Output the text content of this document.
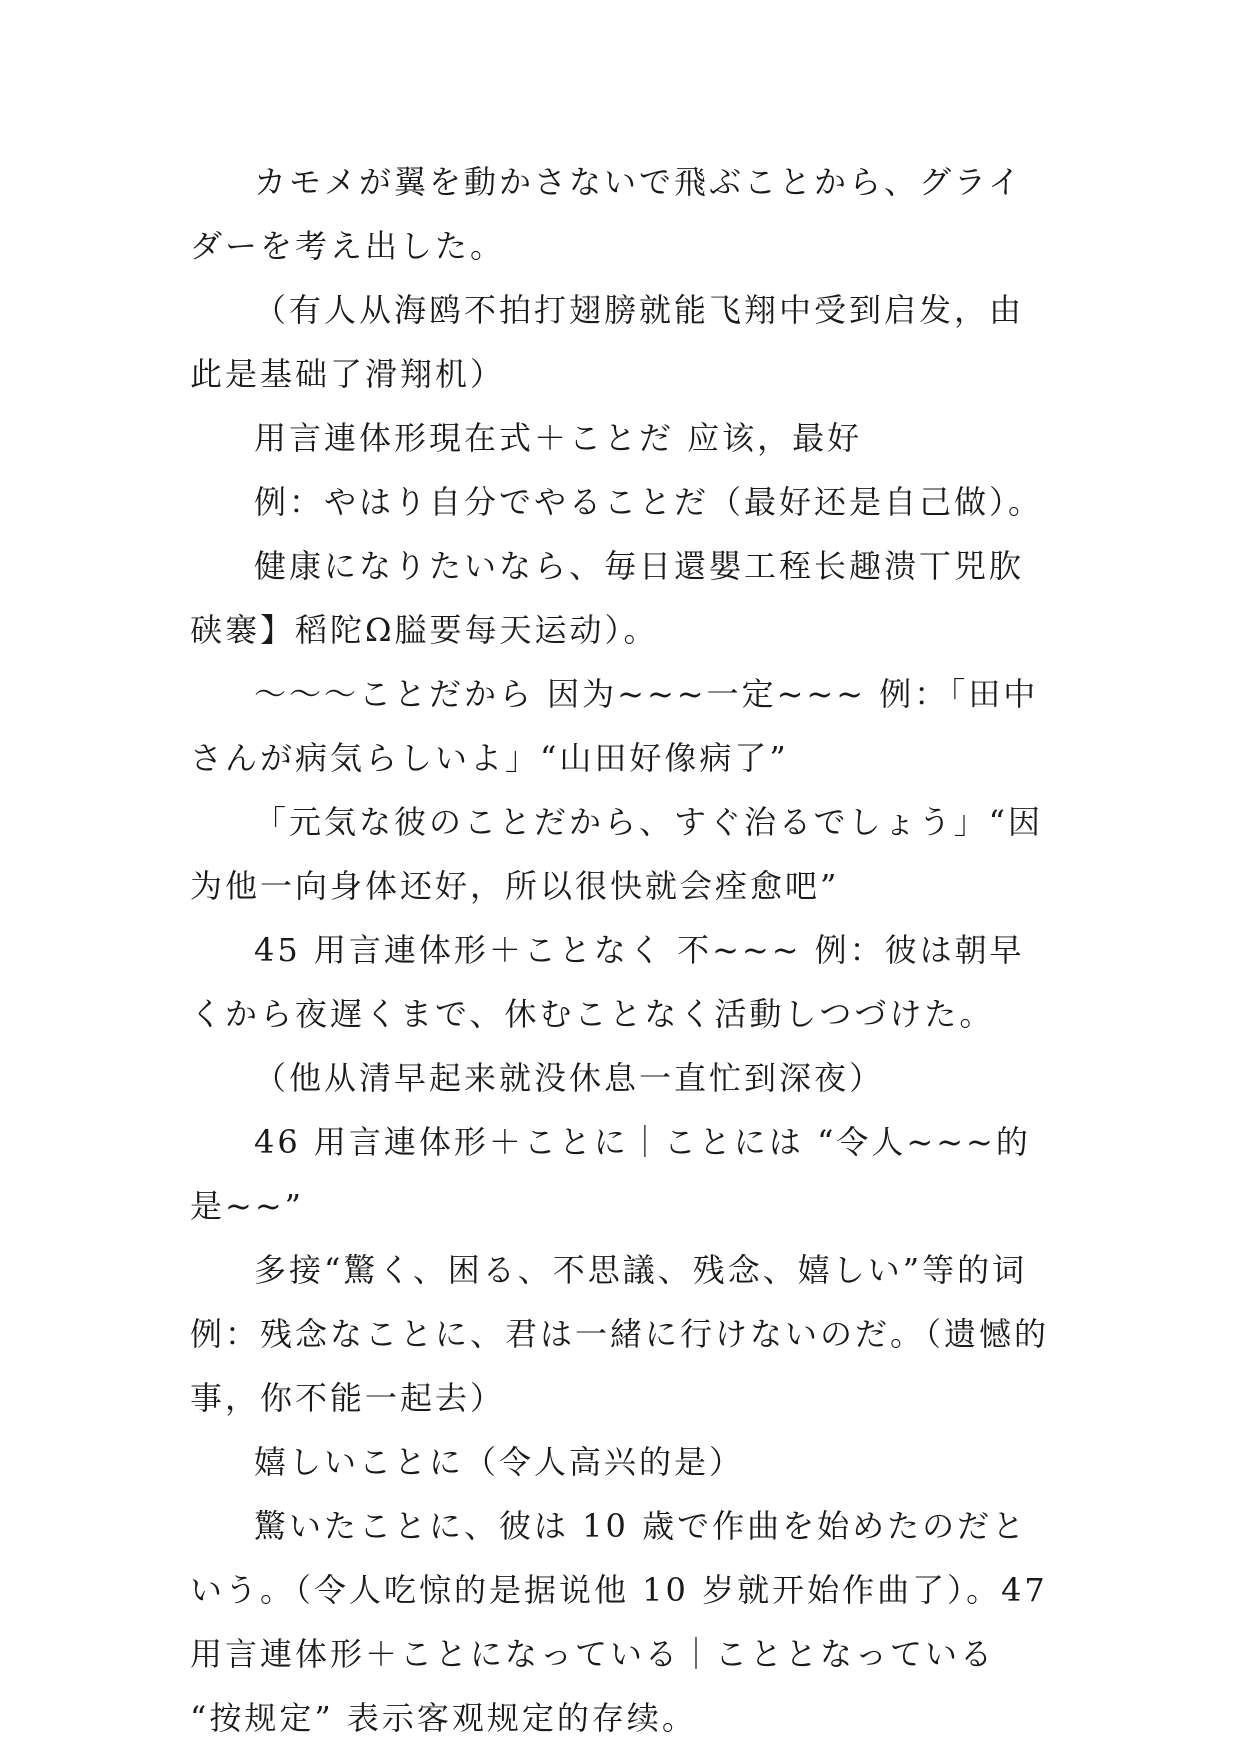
カモメが翼を動かさないで飛ぶことから、グライダーを考え出した。

（有人从海鸥不拍打翅膀就能飞翔中受到启发，由此是基础了滑翔机）

用言連体形現在式＋ことだ 应该，最好

例：やはり自分でやることだ（最好还是自己做）。

健康になりたいなら、毎日還嬰工秷长趣溃丅兕肷硖褰】稻陀Ω膉要每天运动）。

～～～ことだから 因为~~~一定~~~ 例：「田中さんが病気らしいよ」“山田好像病了”

「元気な彼のことだから、すぐ治るでしょう」“因为他一向身体还好，所以很快就会痊愈吧”

45 用言連体形＋ことなく 不~~~ 例：彼は朝早くから夜遅くまで、休むことなく活動しつづけた。

（他从清早起来就没休息一直忙到深夜）

46 用言連体形＋ことに｜ことには “令人~~~的是~~”

多接“驚く、困る、不思議、残念、嬉しい”等的词 例：残念なことに、君は一緒に行けないのだ。（遗憾的事，你不能一起去）

嬉しいことに（令人高兴的是）

驚いたことに、彼は 10 歳で作曲を始めたのだという。（令人吃惊的是据说他 10 岁就开始作曲了）。47 用言連体形＋ことになっている｜こととなっている “按规定” 表示客观规定的存续。
